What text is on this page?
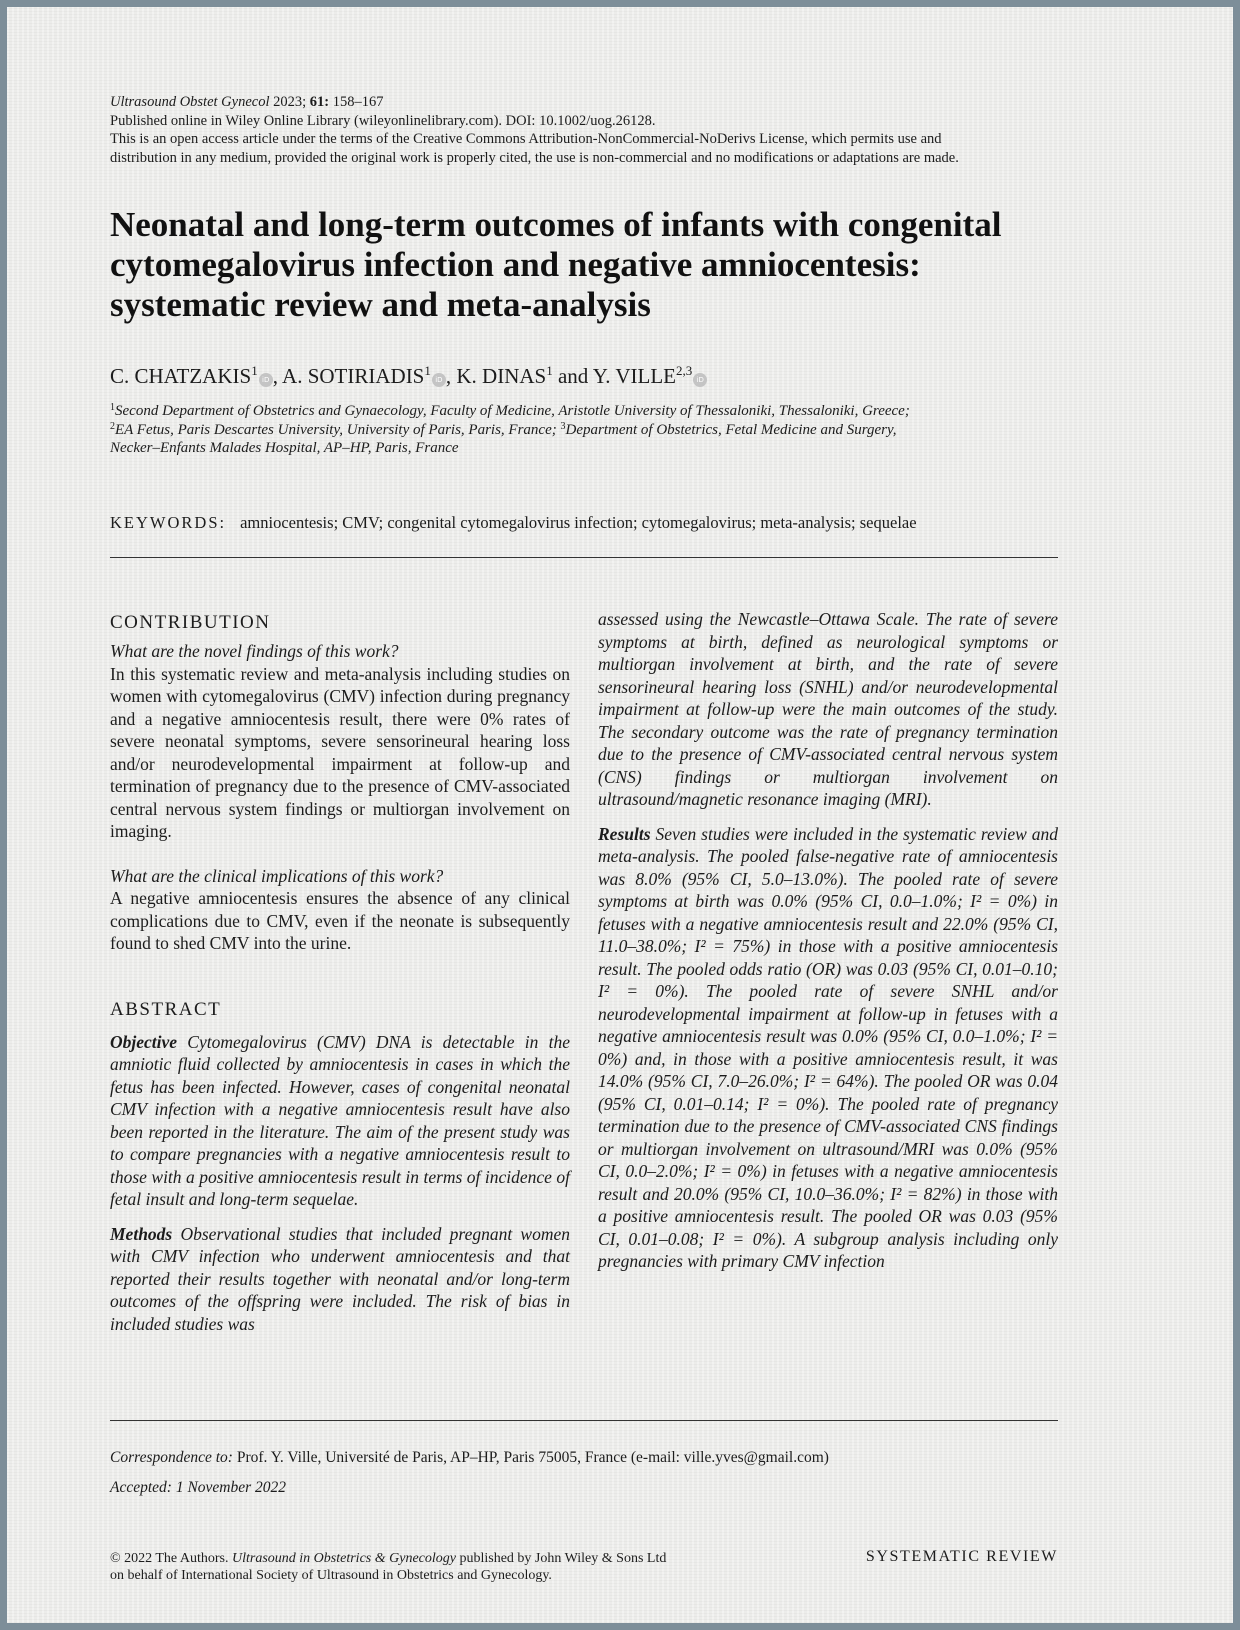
Ultrasound Obstet Gynecol 2023; 61: 158–167
Published online in Wiley Online Library (wileyonlinelibrary.com). DOI: 10.1002/uog.26128.
This is an open access article under the terms of the Creative Commons Attribution-NonCommercial-NoDerivs License, which permits use and
distribution in any medium, provided the original work is properly cited, the use is non-commercial and no modifications or adaptations are made.
Neonatal and long-term outcomes of infants with congenital
cytomegalovirus infection and negative amniocentesis:
systematic review and meta-analysis
C. CHATZAKIS$^1$iD , A. SOTIRIADIS$^1$iD , K. DINAS$^1$ and Y. VILLE$^{2,3}$iD
$^1$Second Department of Obstetrics and Gynaecology, Faculty of Medicine, Aristotle University of Thessaloniki, Thessaloniki, Greece;
$^2$EA Fetus, Paris Descartes University, University of Paris, Paris, France; $^3$Department of Obstetrics, Fetal Medicine and Surgery,
Necker–Enfants Malades Hospital, AP–HP, Paris, France
KEYWORDS: amniocentesis; CMV; congenital cytomegalovirus infection; cytomegalovirus; meta-analysis; sequelae
CONTRIBUTION
What are the novel findings of this work?

In this systematic review and meta-analysis including studies on women with cytomegalovirus (CMV) infection during pregnancy and a negative amniocentesis result, there were 0% rates of severe neonatal symptoms, severe sensorineural hearing loss and/or neurodevelopmental impairment at follow-up and termination of pregnancy due to the presence of CMV-associated central nervous system findings or multiorgan involvement on imaging.

What are the clinical implications of this work?

A negative amniocentesis ensures the absence of any clinical complications due to CMV, even if the neonate is subsequently found to shed CMV into the urine.

ABSTRACT

Objective Cytomegalovirus (CMV) DNA is detectable in the amniotic fluid collected by amniocentesis in cases in which the fetus has been infected. However, cases of congenital neonatal CMV infection with a negative amniocentesis result have also been reported in the literature. The aim of the present study was to compare pregnancies with a negative amniocentesis result to those with a positive amniocentesis result in terms of incidence of fetal insult and long-term sequelae.

Methods Observational studies that included pregnant women with CMV infection who underwent amniocentesis and that reported their results together with neonatal and/or long-term outcomes of the offspring were included. The risk of bias in included studies was

assessed using the Newcastle–Ottawa Scale. The rate of severe symptoms at birth, defined as neurological symptoms or multiorgan involvement at birth, and the rate of severe sensorineural hearing loss (SNHL) and/or neurodevelopmental impairment at follow-up were the main outcomes of the study. The secondary outcome was the rate of pregnancy termination due to the presence of CMV-associated central nervous system (CNS) findings or multiorgan involvement on ultrasound/magnetic resonance imaging (MRI).

Results Seven studies were included in the systematic review and meta-analysis. The pooled false-negative rate of amniocentesis was 8.0% (95% CI, 5.0–13.0%). The pooled rate of severe symptoms at birth was 0.0% (95% CI, 0.0–1.0%; I² = 0%) in fetuses with a negative amniocentesis result and 22.0% (95% CI, 11.0–38.0%; I² = 75%) in those with a positive amniocentesis result. The pooled odds ratio (OR) was 0.03 (95% CI, 0.01–0.10; I² = 0%). The pooled rate of severe SNHL and/or neurodevelopmental impairment at follow-up in fetuses with a negative amniocentesis result was 0.0% (95% CI, 0.0–1.0%; I² = 0%) and, in those with a positive amniocentesis result, it was 14.0% (95% CI, 7.0–26.0%; I² = 64%). The pooled OR was 0.04 (95% CI, 0.01–0.14; I² = 0%). The pooled rate of pregnancy termination due to the presence of CMV-associated CNS findings or multiorgan involvement on ultrasound/MRI was 0.0% (95% CI, 0.0–2.0%; I² = 0%) in fetuses with a negative amniocentesis result and 20.0% (95% CI, 10.0–36.0%; I² = 82%) in those with a positive amniocentesis result. The pooled OR was 0.03 (95% CI, 0.01–0.08; I² = 0%). A subgroup analysis including only pregnancies with primary CMV infection

Correspondence to: Prof. Y. Ville, Université de Paris, AP–HP, Paris 75005, France (e-mail: ville.yves@gmail.com)
Accepted: 1 November 2022
© 2022 The Authors. Ultrasound in Obstetrics & Gynecology published by John Wiley & Sons Ltd
on behalf of International Society of Ultrasound in Obstetrics and Gynecology.
SYSTEMATIC REVIEW
